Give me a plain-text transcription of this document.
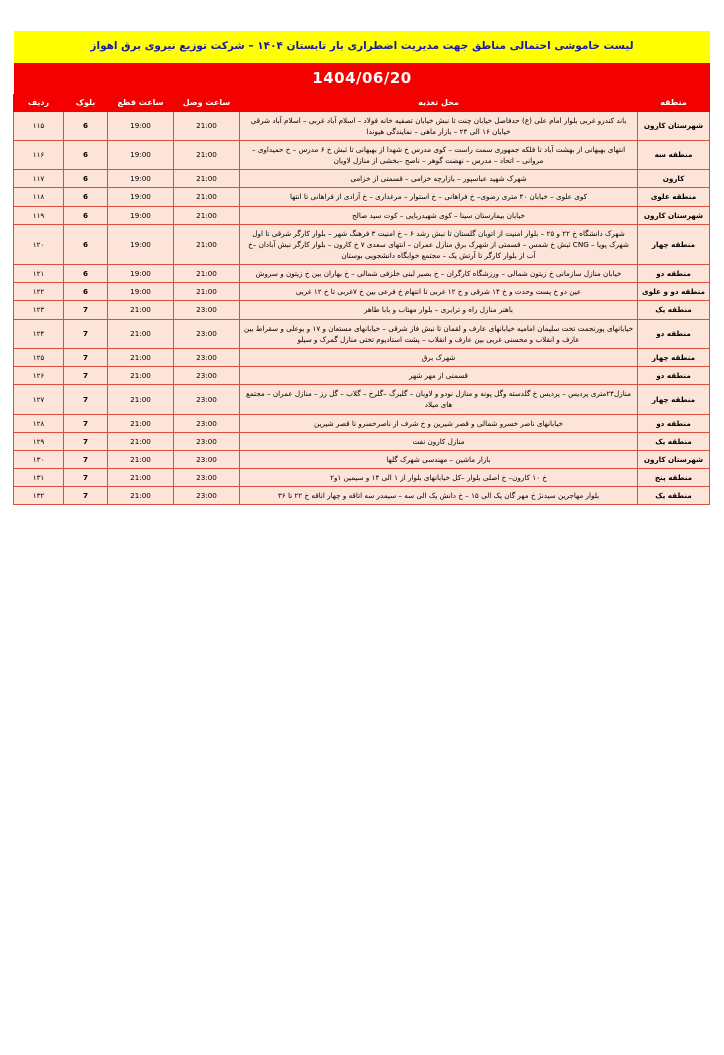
لیست خاموشی احتمالی مناطق جهت مدیریت اضطراری بار تابستان ۱۴۰۴ – شرکت توزیع نیروی برق اهواز
1404/06/20
منطقه	محل تغذیه	ساعت وصل	ساعت قطع	بلوک	ردیف
شهرستان کارون	باند کندرو غربی بلوار امام علی (ع) حدفاصل خیابان چنت تا نبش خیابان تصفیه خانه فولاد – اسلام آباد غربی – اسلام آباد شرقی خیابان ۱۶ الی ۲۴ – بازار ماهی – نمایندگی هیوندا	21:00	19:00	6	۱۱۵
منطقه سه	انتهای بهبهانی از بهشت آباد تا فلکه جمهوری سمت راست – کوی مدرس خ شهدا از بهبهانی تا ثبش خ ۶ مدرس – خ حمیداوی – مروانی – اتحاد – مدرس – نهضت گوهر – ناصح –بخشی از منازل لاویان	21:00	19:00	6	۱۱۶
کارون	شهرک شهید عباسپور – بازارچه خزامی – قسمتی از خزامی	21:00	19:00	6	۱۱۷
منطقه علوی	کوی علوی – خیابان ۴۰ متری رضوی– خ فراهانی – خ استوار – مرغداری – خ آزادی از فراهانی تا انتها	21:00	19:00	6	۱۱۸
شهرستان کارون	خیابان بیمارستان سینا – کوی شهیدربایی – کوت سید صالح	21:00	19:00	6	۱۱۹
منطقه چهار	شهرک دانشگاه خ ۲۲ و ۲۵ – بلوار امنیت از اتوبان گلستان تا نبش رشد ۶ – خ امنیت ۳ فرهنگ شهر – بلوار کارگر شرقی تا اول شهرک پویا – CNG ثبش خ شمس – قسمتی از شهرک برق منازل عمران – انتهای سعدی ۷ خ کارون – بلوار کارگر نبش آبادان –خ آب از بلوار کارگر تا آرتش یک – مجتمع خوابگاه دانشجویی بوستان	21:00	19:00	6	۱۲۰
منطقه دو	خیابان منازل سازمانی خ زیتون شمالی – ورزشگاه کارگران – خ بصیر لبنی خلزفی شمالی – خ بهاران بین خ زیتون و سروش	21:00	19:00	6	۱۲۱
منطقه دو و علوی	عین دو خ پست وحدت و خ ۱۴ شرقی و خ ۱۲ غربی تا انتهام خ فرعی بین خ ۷غربی تا خ ۱۲ غربی	21:00	19:00	6	۱۲۲
منطقه یک	باهنر منازل راه و ترابری – بلوار مهتاب و بابا طاهر	23:00	21:00	7	۱۲۳
منطقه دو	خیابانهای پورنجمت تخت سلیمان امامیه خیابانهای عارف و لقمان تا نبش فاز شرقی – خیابانهای مستعان و ۱۷ و بوعلی و سقراط بین عارف و انقلاب و محسنی غربی بین عارف و انقلاب – پشت استادیوم تختی منازل گمرک و سیلو	23:00	21:00	7	۱۲۴
منطقه چهار	شهرک برق	23:00	21:00	7	۱۲۵
منطقه دو	قسمتی از مهر شهر	23:00	21:00	7	۱۲۶
منطقه چهار	منازل۲۴متری پردیس – پردیس خ گلدسته وگل پونه و منازل نودو و لاوبان – گلبرگ –گلرخ – گلاب – گل رز – منازل عمران – مجتمع های میلاد	23:00	21:00	7	۱۲۷
منطقه دو	خیابانهای ناصر خسرو شمالی و قصر شیرین و خ شرف از ناصرخسرو تا قصر شیرین	23:00	21:00	7	۱۲۸
منطقه یک	منازل کارون نفت	23:00	21:00	7	۱۲۹
شهرستان کارون	بازار ماشین – مهندسی شهرک گلها	23:00	21:00	7	۱۳۰
منطقه پنج	خ ۱۰ کارون– خ اصلی بلوار –کل خیابانهای بلوار از ۱ الی ۱۴ و سیمین ۱و۲	23:00	21:00	7	۱۳۱
منطقه یک	بلوار مهاجرین سیدنژ خ مهر گان یک الی ۱۵ – خ دانش یک الی سه – سیمدر سه اتاقه و چهار اتاقه خ ۲۲ تا ۳۶	23:00	21:00	7	۱۳۲
